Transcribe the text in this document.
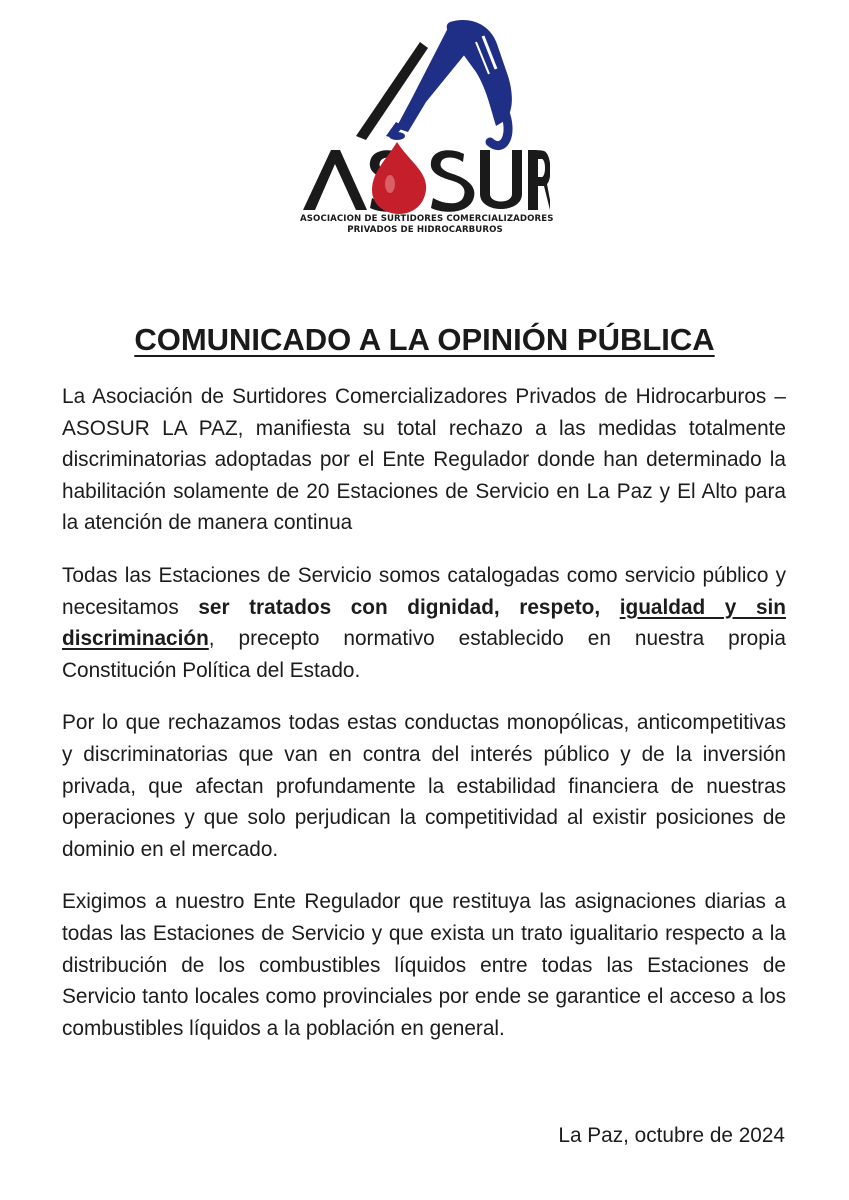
ASOCIACION DE SURTIDORES COMERCIALIZADORES
PRIVADOS DE HIDROCARBUROS
COMUNICADO A LA OPINIÓN PÚBLICA

La Asociación de Surtidores Comercializadores Privados de Hidrocarburos – ASOSUR LA PAZ, manifiesta su total rechazo a las medidas totalmente discriminatorias adoptadas por el Ente Regulador donde han determinado la habilitación solamente de 20 Estaciones de Servicio en La Paz y El Alto para la atención de manera continua

Todas las Estaciones de Servicio somos catalogadas como servicio público y necesitamos ser tratados con dignidad, respeto, igualdad y sin discriminación, precepto normativo establecido en nuestra propia Constitución Política del Estado.

Por lo que rechazamos todas estas conductas monopólicas, anticompetitivas y discriminatorias que van en contra del interés público y de la inversión privada, que afectan profundamente la estabilidad financiera de nuestras operaciones y que solo perjudican la competitividad al existir posiciones de dominio en el mercado.

Exigimos a nuestro Ente Regulador que restituya las asignaciones diarias a todas las Estaciones de Servicio y que exista un trato igualitario respecto a la distribución de los combustibles líquidos entre todas las Estaciones de Servicio tanto locales como provinciales por ende se garantice el acceso a los combustibles líquidos a la población en general.

La Paz, octubre de 2024
